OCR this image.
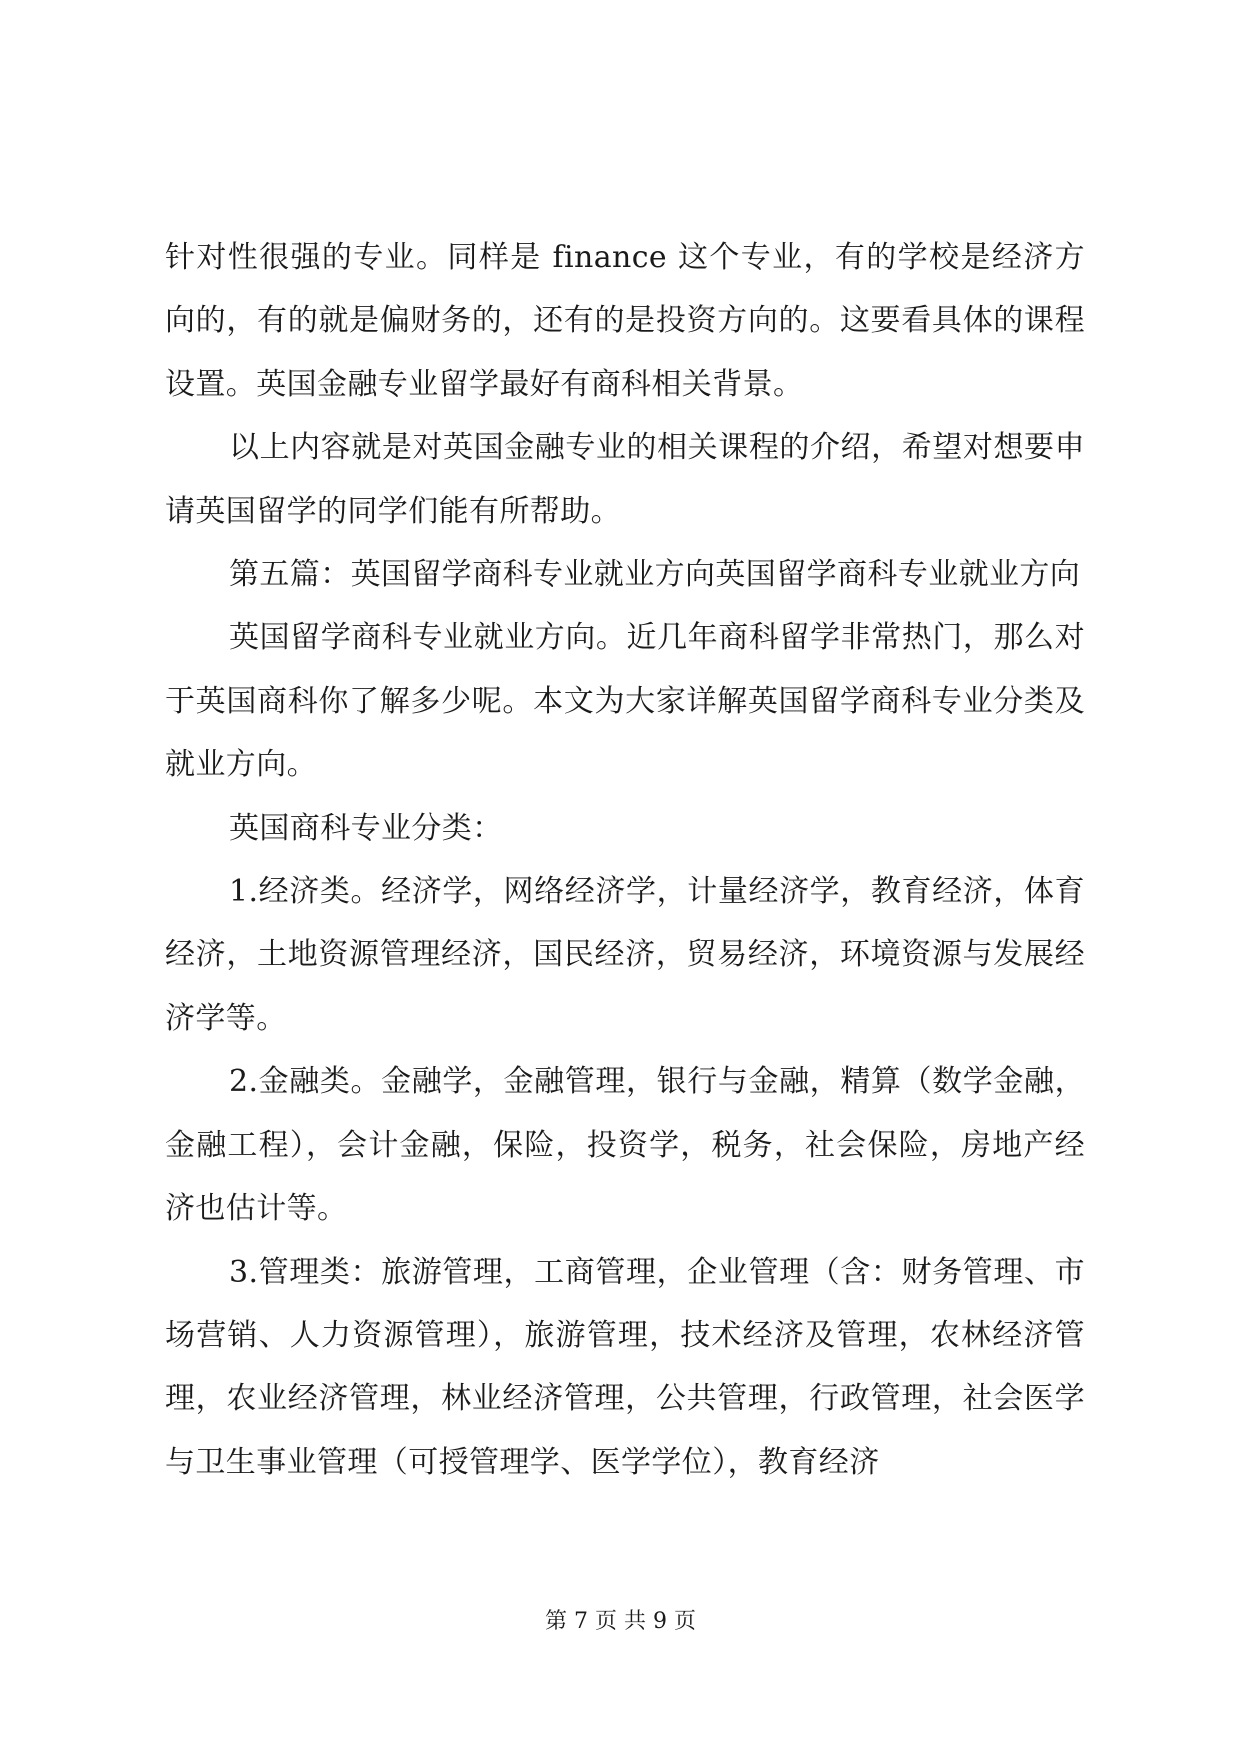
针对性很强的专业。同样是 finance 这个专业，有的学校是经济方向的，有的就是偏财务的，还有的是投资方向的。这要看具体的课程设置。英国金融专业留学最好有商科相关背景。

以上内容就是对英国金融专业的相关课程的介绍，希望对想要申请英国留学的同学们能有所帮助。

第五篇：英国留学商科专业就业方向英国留学商科专业就业方向

英国留学商科专业就业方向。近几年商科留学非常热门，那么对于英国商科你了解多少呢。本文为大家详解英国留学商科专业分类及就业方向。

英国商科专业分类：

1.经济类。经济学，网络经济学，计量经济学，教育经济，体育经济，土地资源管理经济，国民经济，贸易经济，环境资源与发展经济学等。

2.金融类。金融学，金融管理，银行与金融，精算（数学金融，金融工程），会计金融，保险，投资学，税务，社会保险，房地产经济也估计等。

3.管理类：旅游管理，工商管理，企业管理（含：财务管理、市场营销、人力资源管理），旅游管理，技术经济及管理，农林经济管理，农业经济管理，林业经济管理，公共管理，行政管理，社会医学与卫生事业管理（可授管理学、医学学位），教育经济

第 7 页 共 9 页
